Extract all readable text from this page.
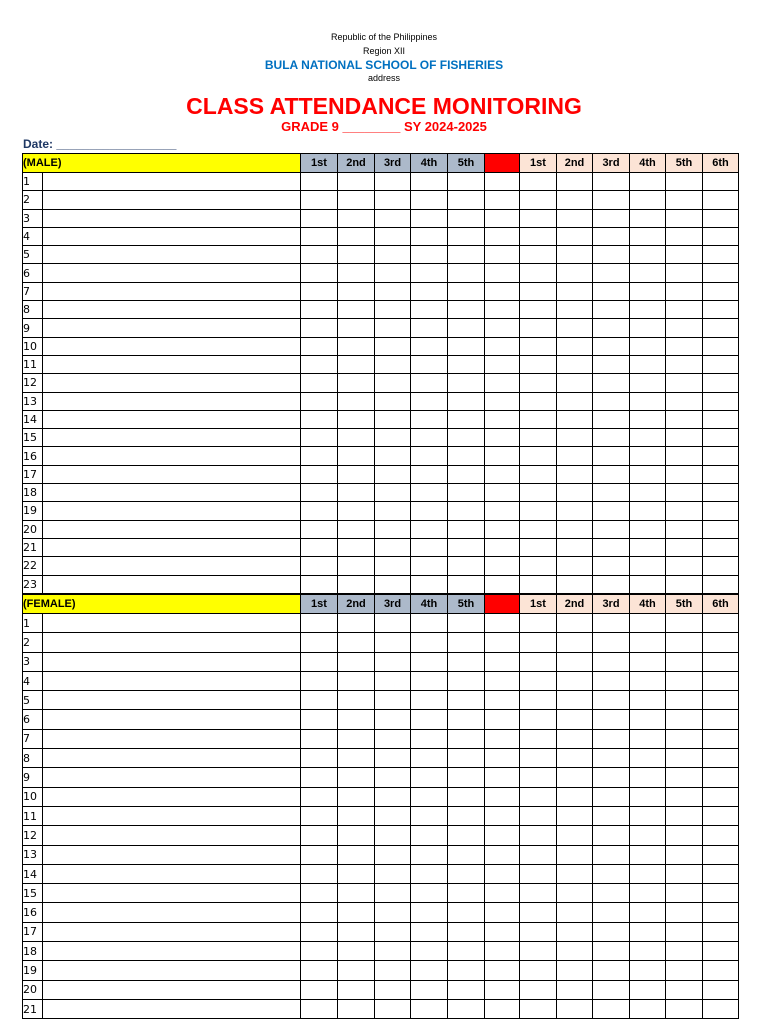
Republic of the Philippines
Region XII
BULA NATIONAL SCHOOL OF FISHERIES
address
CLASS ATTENDANCE MONITORING
GRADE 9 ________ SY 2024-2025
Date: __________________
(MALE)		1st	2nd	3rd	4th	5th		1st	2nd	3rd	4th	5th	6th
1													
2													
3													
4													
5													
6													
7													
8													
9													
10													
11													
12													
13													
14													
15													
16													
17													
18													
19													
20													
21													
22													
23													
(FEMALE)		1st	2nd	3rd	4th	5th		1st	2nd	3rd	4th	5th	6th
1													
2													
3													
4													
5													
6													
7													
8													
9													
10													
11													
12													
13													
14													
15													
16													
17													
18													
19													
20													
21													
